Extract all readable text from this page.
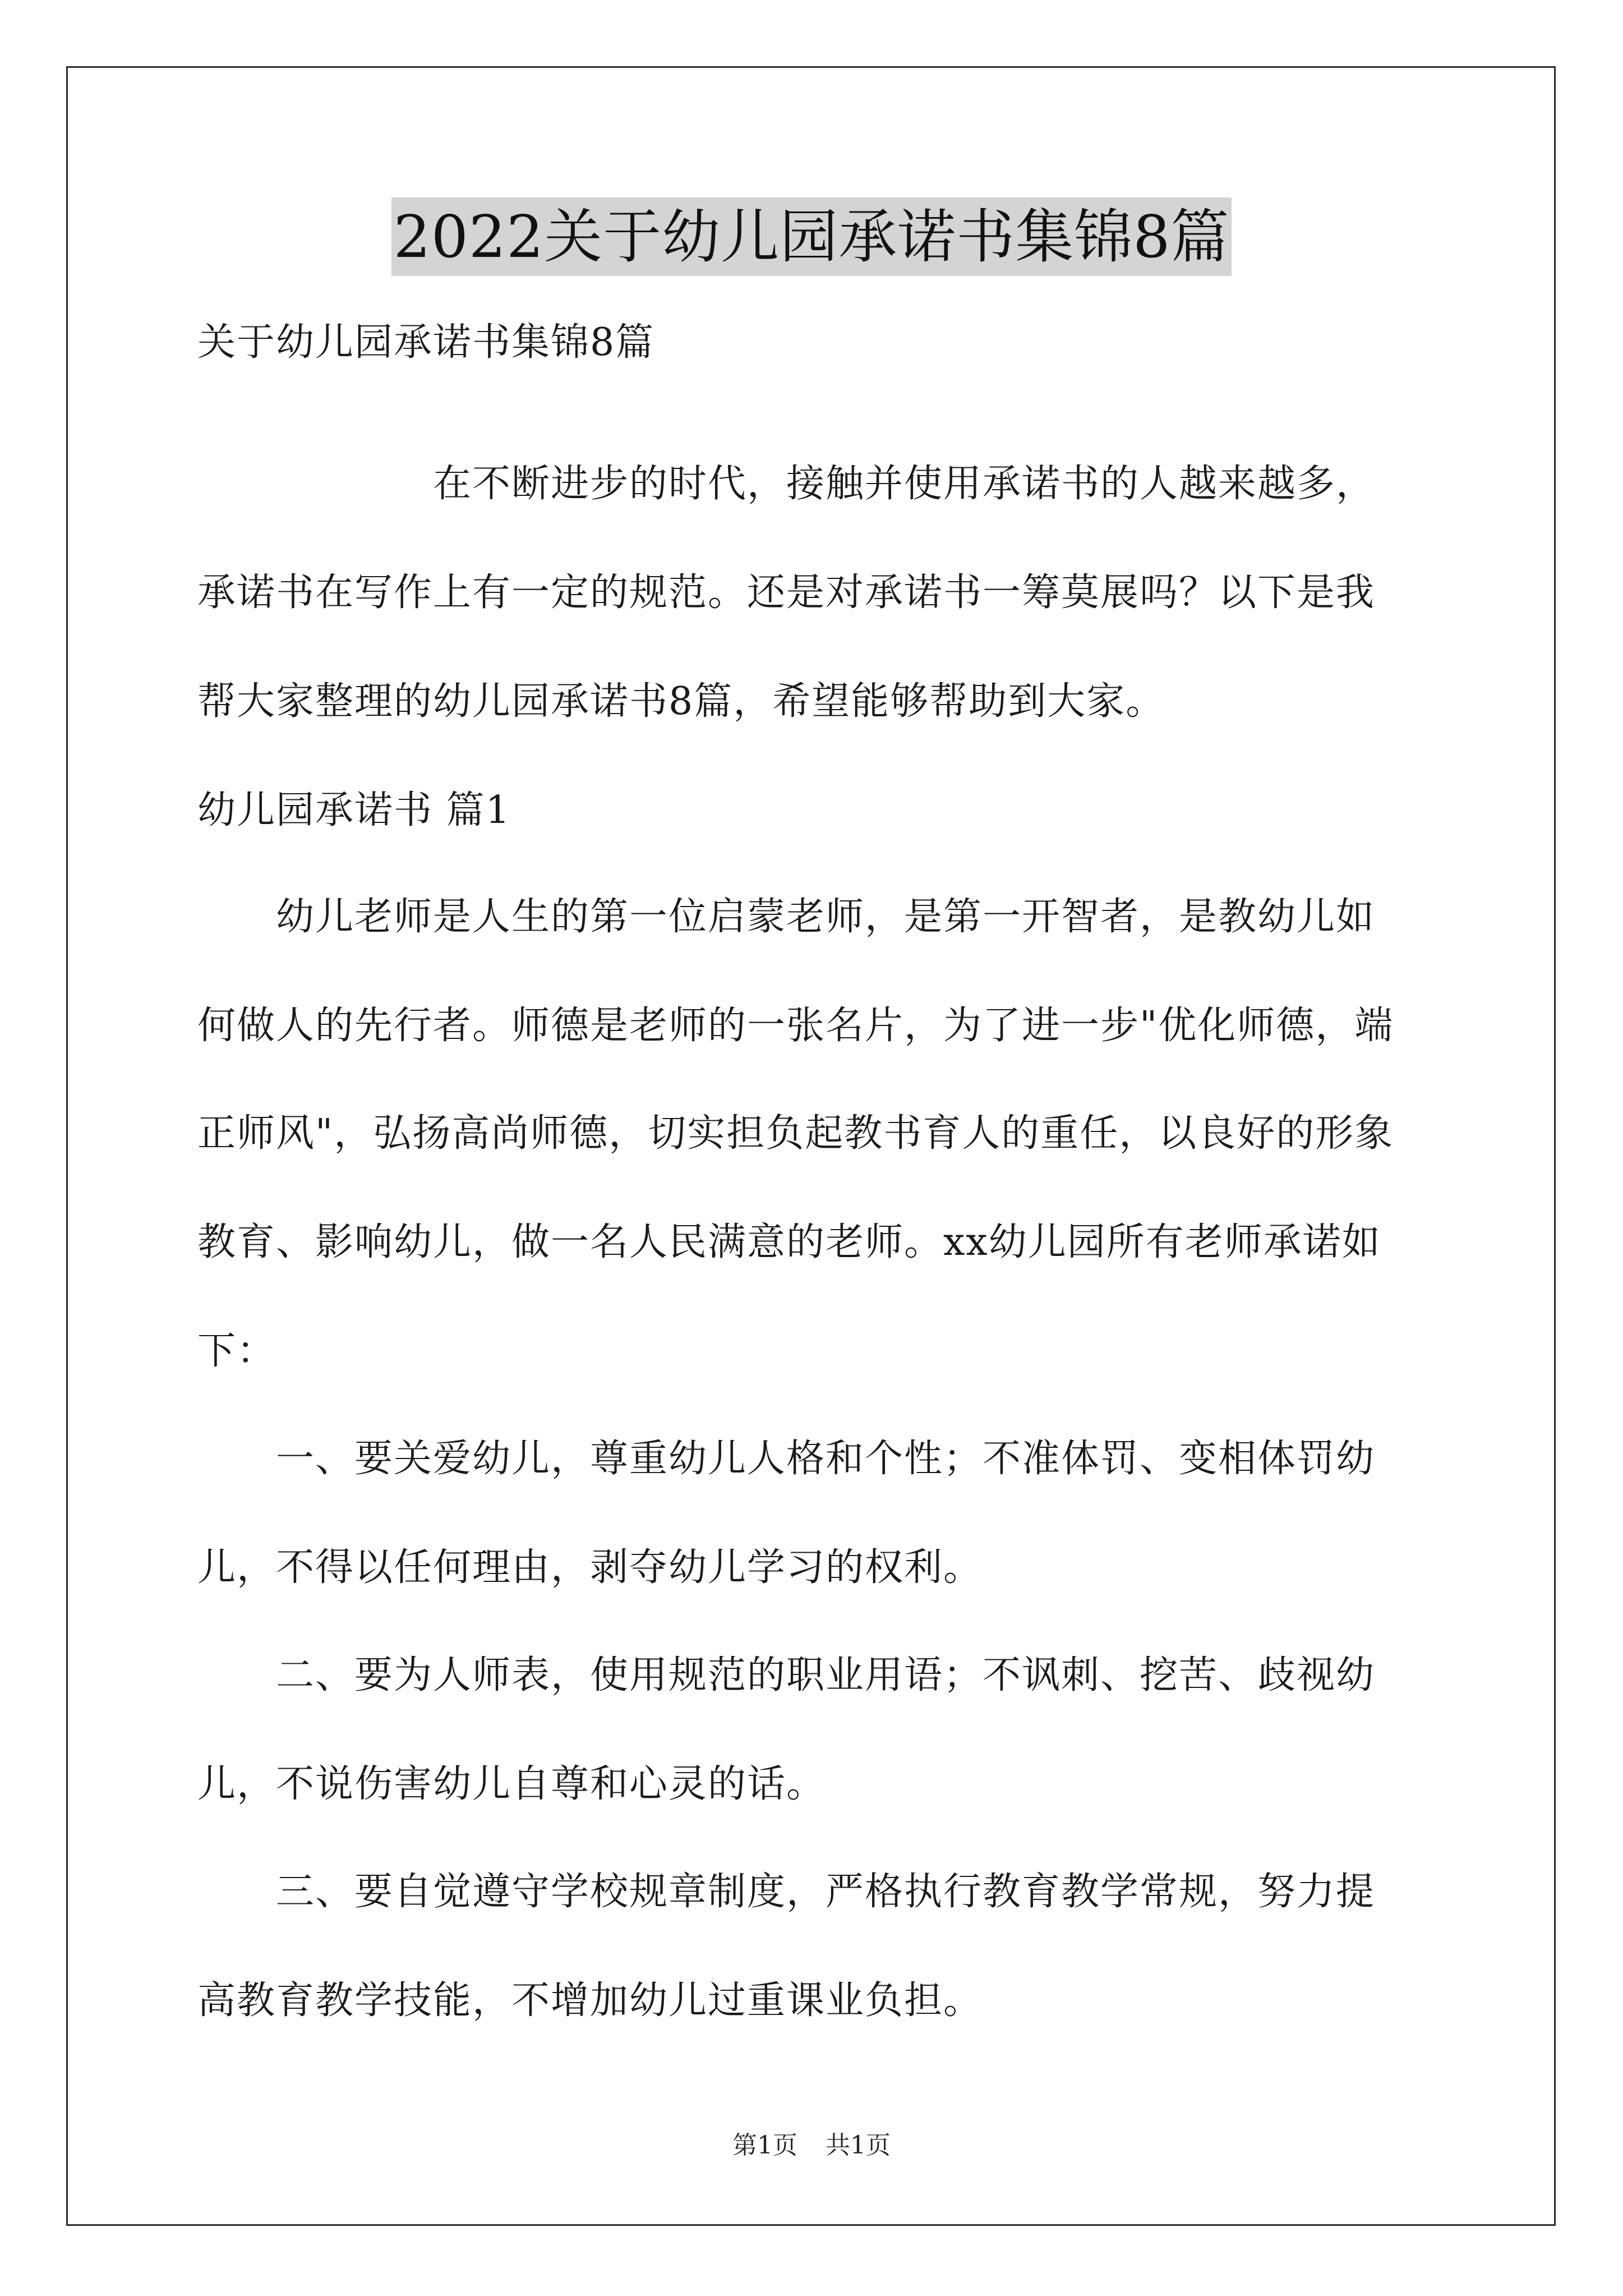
2022关于幼儿园承诺书集锦8篇
关于幼儿园承诺书集锦8篇
　　　　　　在不断进步的时代，接触并使用承诺书的人越来越多，
承诺书在写作上有一定的规范。还是对承诺书一筹莫展吗？以下是我
帮大家整理的幼儿园承诺书8篇，希望能够帮助到大家。
幼儿园承诺书 篇1
　　幼儿老师是人生的第一位启蒙老师，是第一开智者，是教幼儿如
何做人的先行者。师德是老师的一张名片，为了进一步"优化师德，端
正师风"，弘扬高尚师德，切实担负起教书育人的重任，以良好的形象
教育、影响幼儿，做一名人民满意的老师。xx幼儿园所有老师承诺如
下：
　　一、要关爱幼儿，尊重幼儿人格和个性；不准体罚、变相体罚幼
儿，不得以任何理由，剥夺幼儿学习的权利。
　　二、要为人师表，使用规范的职业用语；不讽刺、挖苦、歧视幼
儿，不说伤害幼儿自尊和心灵的话。
　　三、要自觉遵守学校规章制度，严格执行教育教学常规，努力提
高教育教学技能，不增加幼儿过重课业负担。
第1页 共1页
